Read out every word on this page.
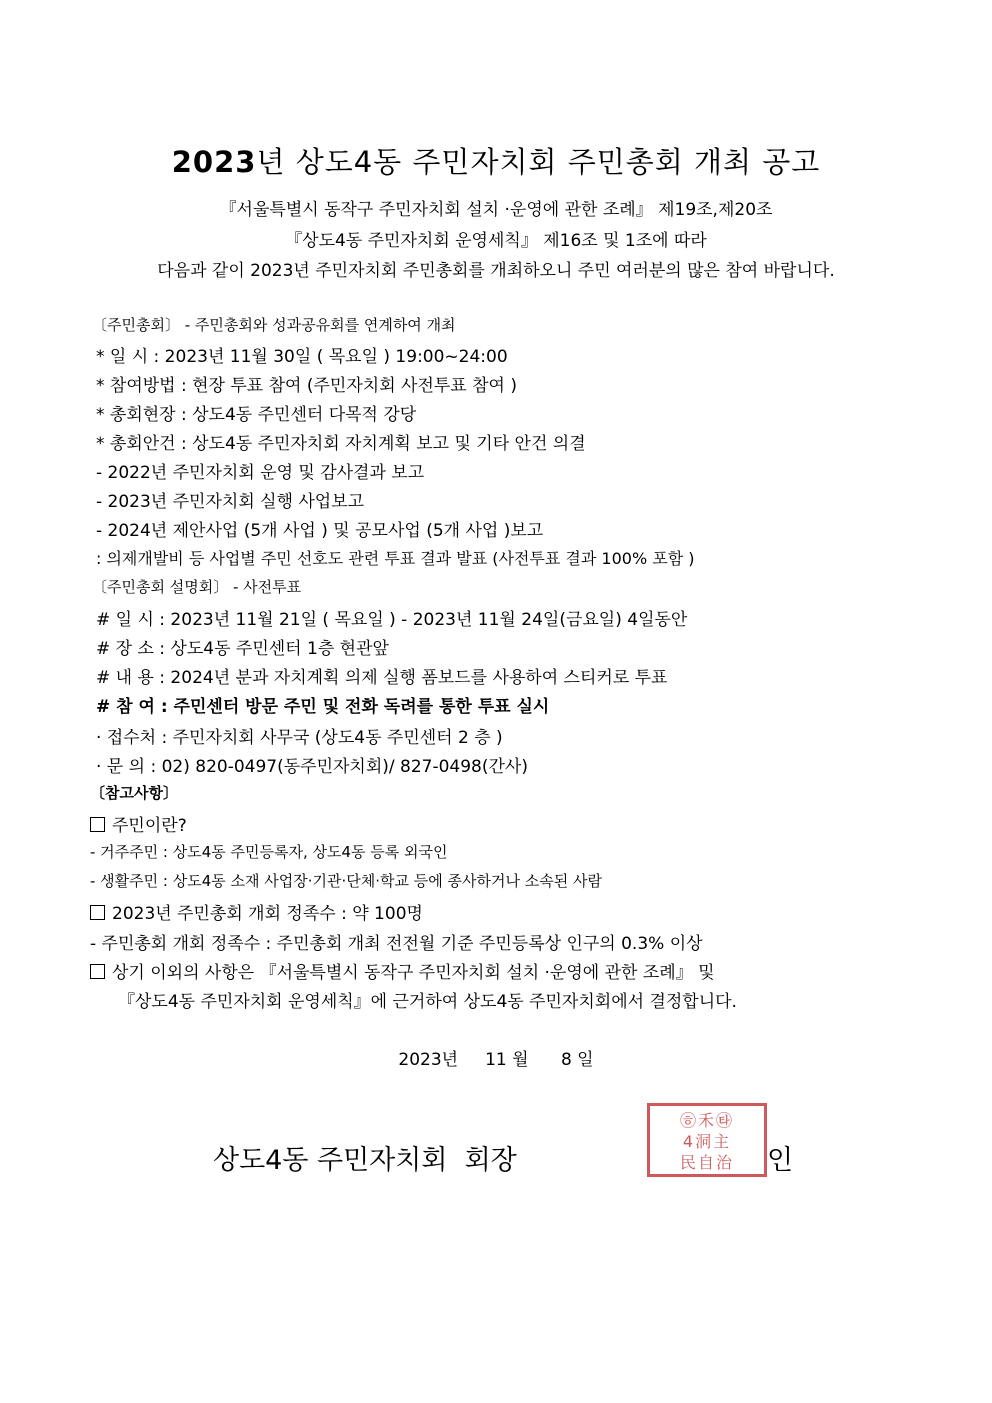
2023년 상도4동 주민자치회 주민총회 개최 공고
『서울특별시 동작구 주민자치회 설치 ·운영에 관한 조례』 제19조,제20조
『상도4동 주민자치회 운영세칙』 제16조 및 1조에 따라
다음과 같이 2023년 주민자치회 주민총회를 개최하오니 주민 여러분의 많은 참여 바랍니다.
〔주민총회〕 - 주민총회와 성과공유회를 연계하여 개최
* 일 시 : 2023년 11월 30일 ( 목요일 ) 19:00~24:00
* 참여방법 : 현장 투표 참여 (주민자치회 사전투표 참여 )
* 총회현장 : 상도4동 주민센터 다목적 강당
* 총회안건 : 상도4동 주민자치회 자치계획 보고 및 기타 안건 의결
- 2022년 주민자치회 운영 및 감사결과 보고
- 2023년 주민자치회 실행 사업보고
- 2024년 제안사업 (5개 사업 ) 및 공모사업 (5개 사업 )보고
: 의제개발비 등 사업별 주민 선호도 관련 투표 결과 발표 (사전투표 결과 100% 포함 )
〔주민총회 설명회〕 - 사전투표
# 일 시 : 2023년 11월 21일 ( 목요일 ) - 2023년 11월 24일(금요일) 4일동안
# 장 소 : 상도4동 주민센터 1층 현관앞
# 내 용 : 2024년 분과 자치계획 의제 실행 폼보드를 사용하여 스티커로 투표
# 참 여 : 주민센터 방문 주민 및 전화 독려를 통한 투표 실시
· 접수처 : 주민자치회 사무국 (상도4동 주민센터 2 층 )
· 문 의 : 02) 820-0497(동주민자치회)/ 827-0498(간사)
〔참고사항〕
주민이란?
- 거주주민 : 상도4동 주민등록자, 상도4동 등록 외국인
- 생활주민 : 상도4동 소재 사업장·기관·단체·학교 등에 종사하거나 소속된 사람
2023년 주민총회 개회 정족수 : 약 100명
- 주민총회 개회 정족수 : 주민총회 개최 전전월 기준 주민등록상 인구의 0.3% 이상
상기 이외의 사항은 『서울특별시 동작구 주민자치회 설치 ·운영에 관한 조례』 및
『상도4동 주민자치회 운영세칙』에 근거하여 상도4동 주민자치회에서 결정합니다.
2023년     11 월      8 일
상도4동 주민자치회  회장
㉭禾㉹
4洞主
民自治	인
